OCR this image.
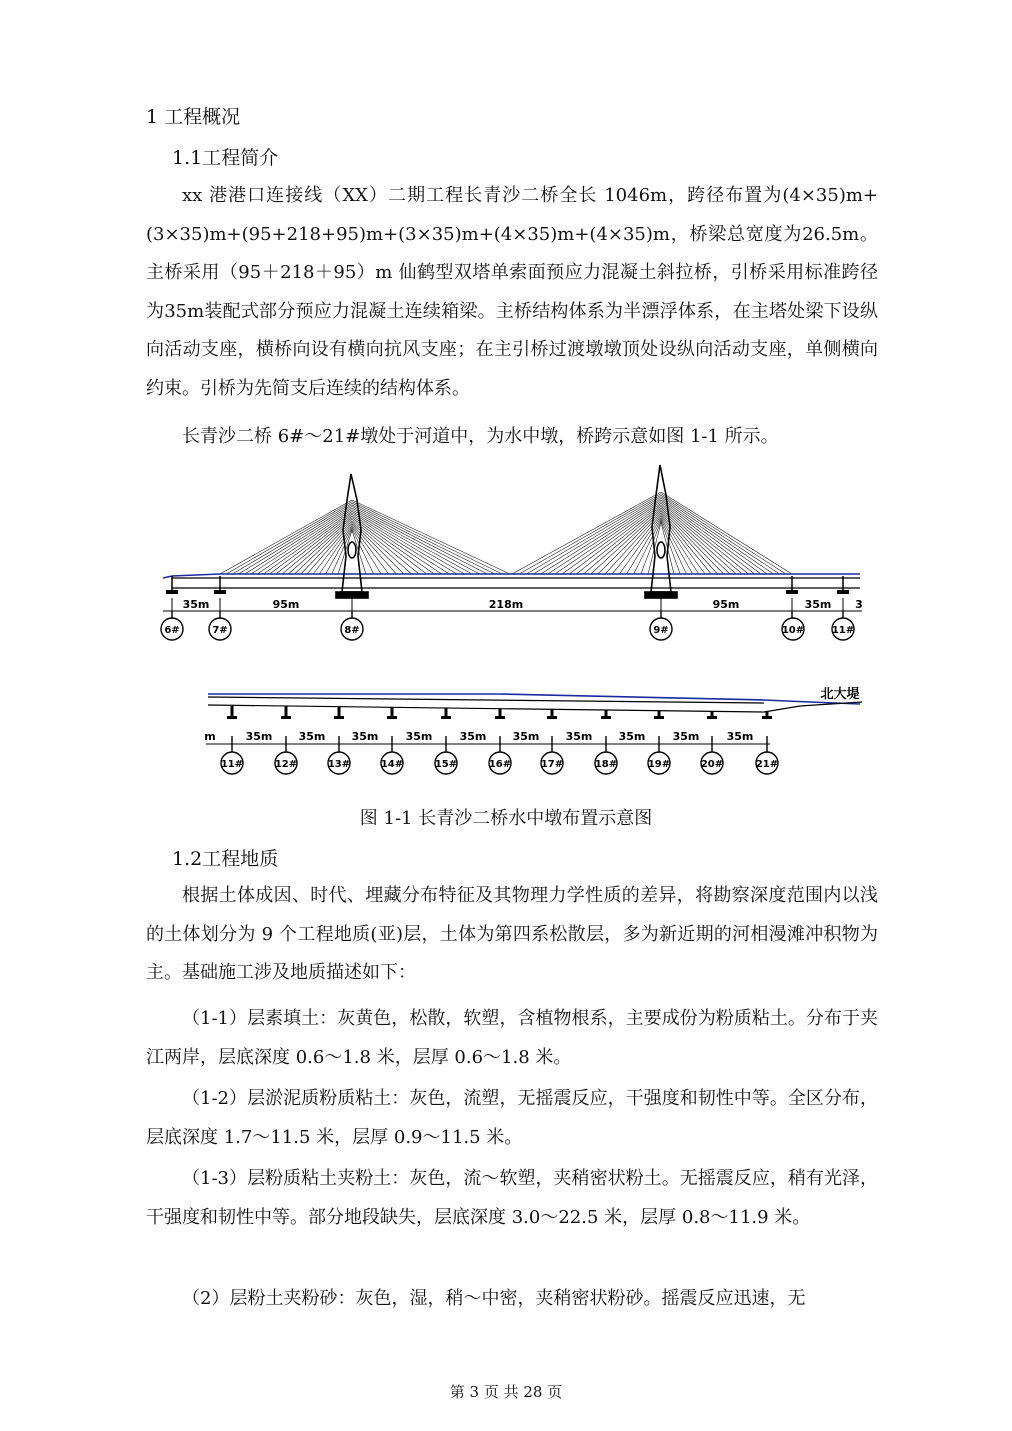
1 工程概况
1.1工程简介

xx 港港口连接线（XX）二期工程长青沙二桥全长 1046m，跨径布置为(4×35)m+(3×35)m+(95+218+95)m+(3×35)m+(4×35)m+(4×35)m，桥梁总宽度为26.5m。主桥采用（95＋218＋95）m 仙鹤型双塔单索面预应力混凝土斜拉桥，引桥采用标准跨径为35m装配式部分预应力混凝土连续箱梁。主桥结构体系为半漂浮体系，在主塔处梁下设纵向活动支座，横桥向设有横向抗风支座；在主引桥过渡墩墩顶处设纵向活动支座，单侧横向约束。引桥为先简支后连续的结构体系。

长青沙二桥 6#～21#墩处于河道中，为水中墩，桥跨示意如图 1-1 所示。

35m	95m	218m	95m	35m 3
6#	7#	8#	9#	10#	11#
11#	12#	13#	14#	15#	16#	17#	18#	19#	20#	21#
m	35m 35m 35m 35m 35m 35m 35m 35m 35m 35m
北大堤
图 1-1 长青沙二桥水中墩布置示意图
1.2工程地质

根据土体成因、时代、埋藏分布特征及其物理力学性质的差异，将勘察深度范围内以浅的土体划分为 9 个工程地质(亚)层，土体为第四系松散层，多为新近期的河相漫滩冲积物为主。基础施工涉及地质描述如下：

（1-1）层素填土：灰黄色，松散，软塑，含植物根系，主要成份为粉质粘土。分布于夹江两岸，层底深度 0.6～1.8 米，层厚 0.6～1.8 米。

（1-2）层淤泥质粉质粘土：灰色，流塑，无摇震反应，干强度和韧性中等。全区分布，层底深度 1.7～11.5 米，层厚 0.9～11.5 米。

（1-3）层粉质粘土夹粉土：灰色，流～软塑，夹稍密状粉土。无摇震反应，稍有光泽，干强度和韧性中等。部分地段缺失，层底深度 3.0～22.5 米，层厚 0.8～11.9 米。

（2）层粉土夹粉砂：灰色，湿，稍～中密，夹稍密状粉砂。摇震反应迅速，无

第 3 页 共 28 页
